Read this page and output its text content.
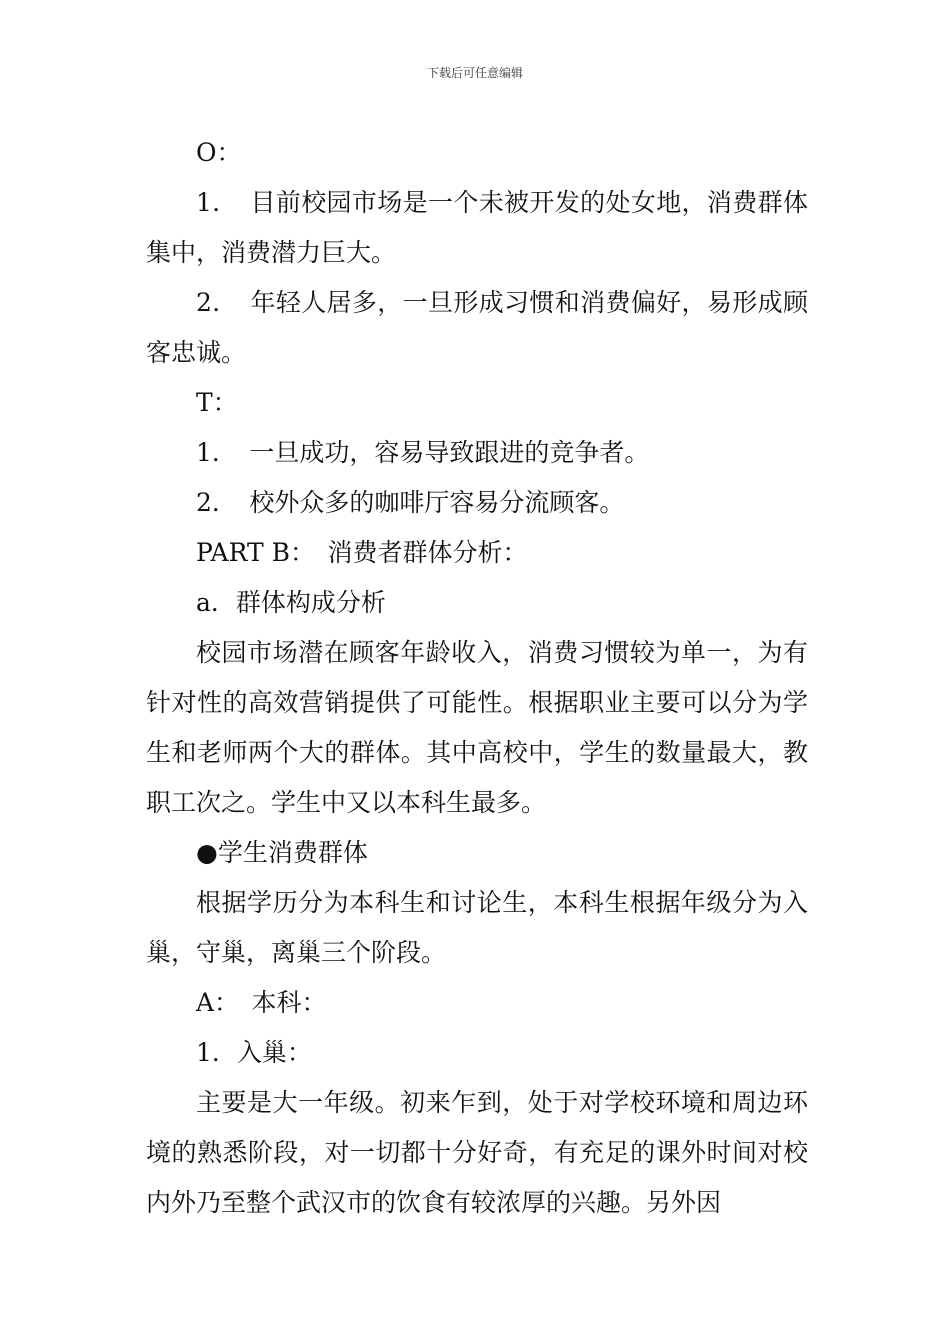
下载后可任意编辑

O：

1．　目前校园市场是一个未被开发的处女地，消费群体集中，消费潜力巨大。

2．　年轻人居多，一旦形成习惯和消费偏好，易形成顾客忠诚。

T：

1．　一旦成功，容易导致跟进的竞争者。

2．　校外众多的咖啡厅容易分流顾客。

PART B：　消费者群体分析：

a．群体构成分析

校园市场潜在顾客年龄收入，消费习惯较为单一，为有针对性的高效营销提供了可能性。根据职业主要可以分为学生和老师两个大的群体。其中高校中，学生的数量最大，教职工次之。学生中又以本科生最多。

●学生消费群体

根据学历分为本科生和讨论生，本科生根据年级分为入巢，守巢，离巢三个阶段。

A：　本科：

1．入巢：

主要是大一年级。初来乍到，处于对学校环境和周边环境的熟悉阶段，对一切都十分好奇，有充足的课外时间对校内外乃至整个武汉市的饮食有较浓厚的兴趣。另外因
